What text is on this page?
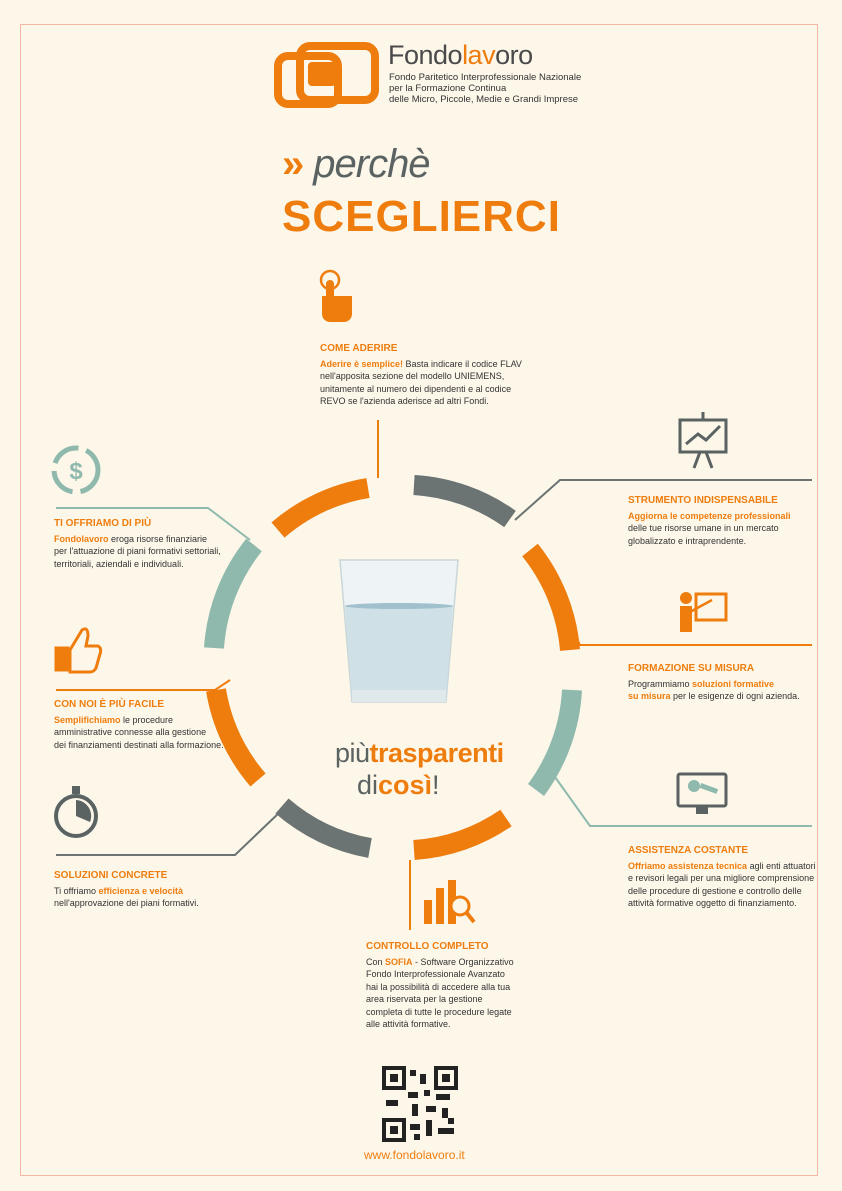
$
Fondolavoro
Fondo Paritetico Interprofessionale Nazionale
per la Formazione Continua
delle Micro, Piccole, Medie e Grandi Imprese
» perchè
SCEGLIERCI
COME ADERIRE
Aderire è semplice! Basta indicare il codice FLAV
nell'apposita sezione del modello UNIEMENS,
unitamente al numero dei dipendenti e al codice
REVO se l'azienda aderisce ad altri Fondi.
TI OFFRIAMO DI PIÙ
Fondolavoro eroga risorse finanziarie
per l'attuazione di piani formativi settoriali,
territoriali, aziendali e individuali.
STRUMENTO INDISPENSABILE
Aggiorna le competenze professionali
delle tue risorse umane in un mercato
globalizzato e intraprendente.
FORMAZIONE SU MISURA
Programmiamo soluzioni formative
su misura per le esigenze di ogni azienda.
CON NOI È PIÙ FACILE
Semplifichiamo le procedure
amministrative connesse alla gestione
dei finanziamenti destinati alla formazione.
SOLUZIONI CONCRETE
Ti offriamo efficienza e velocità
nell'approvazione dei piani formativi.
ASSISTENZA COSTANTE
Offriamo assistenza tecnica agli enti attuatori
e revisori legali per una migliore comprensione
delle procedure di gestione e controllo delle
attività formative oggetto di finanziamento.
CONTROLLO COMPLETO
Con SOFIA - Software Organizzativo Fondo Interprofessionale Avanzato hai la possibilità di accedere alla tua area riservata per la gestione completa di tutte le procedure legate alle attività formative.
piùtrasparenti
dicosì!
www.fondolavoro.it
